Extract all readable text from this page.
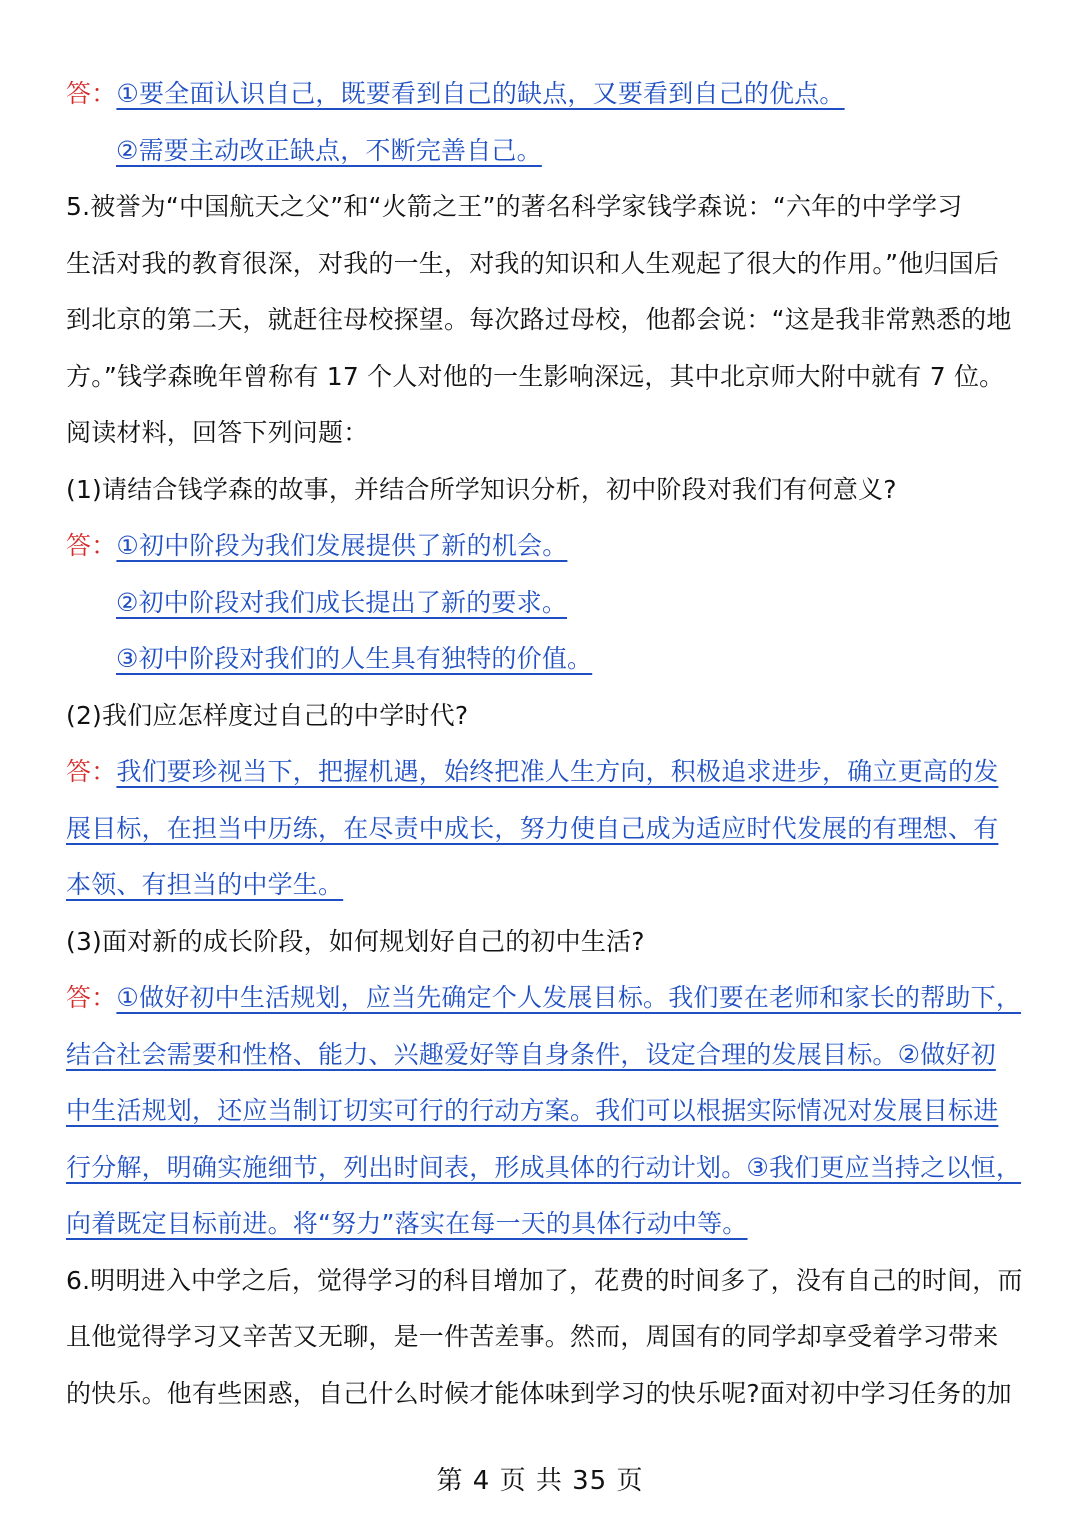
答：①要全面认识自己，既要看到自己的缺点，又要看到自己的优点。
②需要主动改正缺点，不断完善自己。
5.被誉为“中国航天之父”和“火箭之王”的著名科学家钱学森说：“六年的中学学习
生活对我的教育很深，对我的一生，对我的知识和人生观起了很大的作用。”他归国后
到北京的第二天，就赶往母校探望。每次路过母校，他都会说：“这是我非常熟悉的地
方。”钱学森晚年曾称有 17 个人对他的一生影响深远，其中北京师大附中就有 7 位。
阅读材料，回答下列问题：
(1)请结合钱学森的故事，并结合所学知识分析，初中阶段对我们有何意义?
答：①初中阶段为我们发展提供了新的机会。
②初中阶段对我们成长提出了新的要求。
③初中阶段对我们的人生具有独特的价值。
(2)我们应怎样度过自己的中学时代?
答：我们要珍视当下，把握机遇，始终把准人生方向，积极追求进步，确立更高的发
展目标，在担当中历练，在尽责中成长，努力使自己成为适应时代发展的有理想、有
本领、有担当的中学生。
(3)面对新的成长阶段，如何规划好自己的初中生活?
答：①做好初中生活规划，应当先确定个人发展目标。我们要在老师和家长的帮助下，
结合社会需要和性格、能力、兴趣爱好等自身条件，设定合理的发展目标。②做好初
中生活规划，还应当制订切实可行的行动方案。我们可以根据实际情况对发展目标进
行分解，明确实施细节，列出时间表，形成具体的行动计划。③我们更应当持之以恒，
向着既定目标前进。将“努力”落实在每一天的具体行动中等。
6.明明进入中学之后，觉得学习的科目增加了，花费的时间多了，没有自己的时间，而
且他觉得学习又辛苦又无聊，是一件苦差事。然而，周国有的同学却享受着学习带来
的快乐。他有些困惑，自己什么时候才能体味到学习的快乐呢?面对初中学习任务的加
第 4 页 共 35 页
